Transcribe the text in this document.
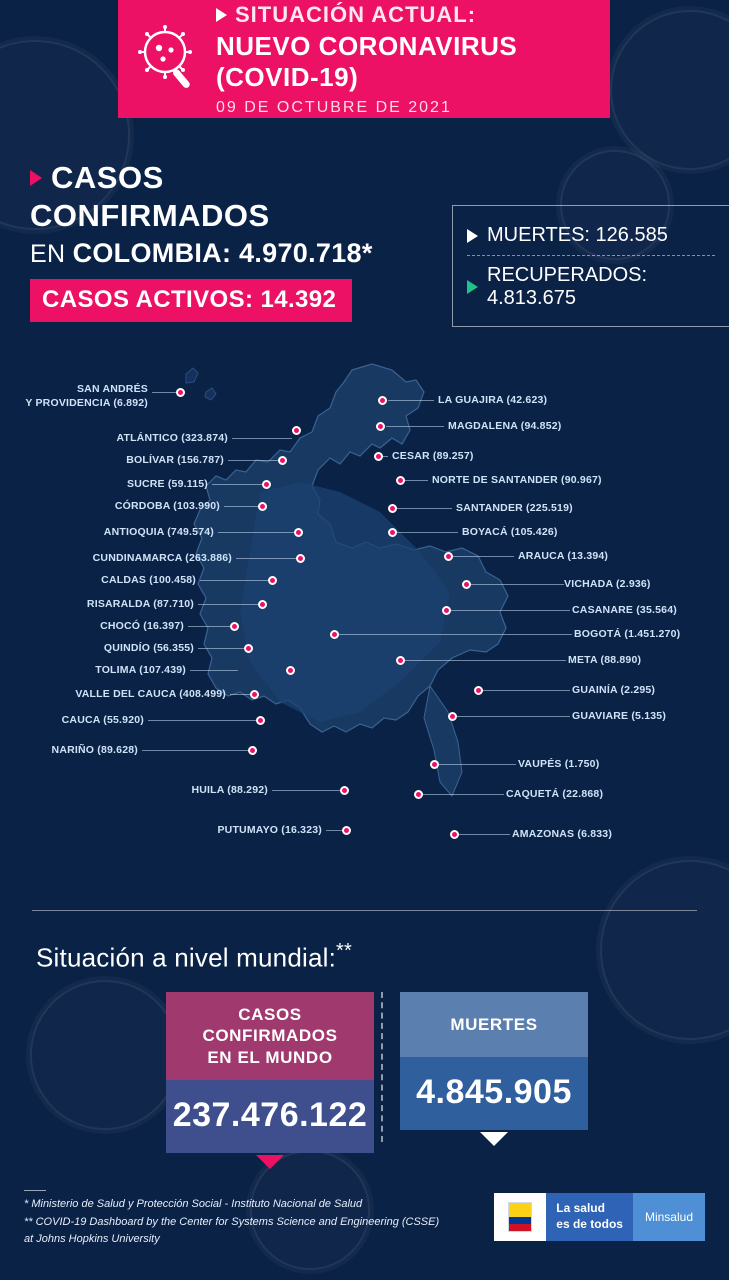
SITUACIÓN ACTUAL:
NUEVO CORONAVIRUS (COVID-19)
09 DE OCTUBRE DE 2021
CASOS
CONFIRMADOS
EN COLOMBIA: 4.970.718*
CASOS ACTIVOS: 14.392
MUERTES: 126.585
RECUPERADOS: 4.813.675
SAN ANDRÉS
Y PROVIDENCIA (6.892)
ATLÁNTICO (323.874)
BOLÍVAR (156.787)
SUCRE (59.115)
CÓRDOBA (103.990)
ANTIOQUIA (749.574)
CUNDINAMARCA (263.886)
CALDAS (100.458)
RISARALDA (87.710)
CHOCÓ (16.397)
QUINDÍO (56.355)
TOLIMA (107.439)
VALLE DEL CAUCA (408.499)
CAUCA (55.920)
NARIÑO (89.628)
HUILA (88.292)
PUTUMAYO (16.323)
LA GUAJIRA (42.623)
MAGDALENA (94.852)
CESAR (89.257)
NORTE DE SANTANDER (90.967)
SANTANDER (225.519)
BOYACÁ (105.426)
ARAUCA (13.394)
VICHADA (2.936)
CASANARE (35.564)
BOGOTÁ (1.451.270)
META (88.890)
GUAINÍA (2.295)
GUAVIARE (5.135)
VAUPÉS (1.750)
CAQUETÁ (22.868)
AMAZONAS (6.833)
Situación a nivel mundial:**
CASOS CONFIRMADOS
EN EL MUNDO
237.476.122
MUERTES
4.845.905
* Ministerio de Salud y Protección Social - Instituto Nacional de Salud
** COVID-19 Dashboard by the Center for Systems Science and Engineering (CSSE)
at Johns Hopkins University
La salud
es de todos	Minsalud
